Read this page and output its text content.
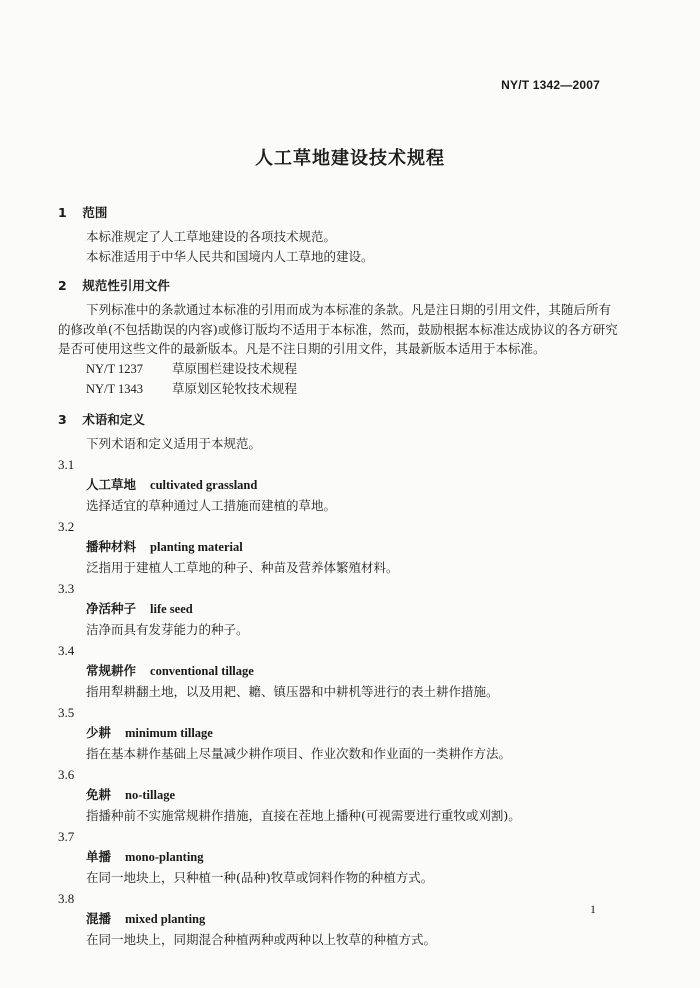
NY/T 1342—2007
人工草地建设技术规程
1 范围
本标准规定了人工草地建设的各项技术规范。
本标准适用于中华人民共和国境内人工草地的建设。
2 规范性引用文件
下列标准中的条款通过本标准的引用而成为本标准的条款。凡是注日期的引用文件，其随后所有的修改单(不包括勘误的内容)或修订版均不适用于本标准，然而，鼓励根据本标准达成协议的各方研究是否可使用这些文件的最新版本。凡是不注日期的引用文件，其最新版本适用于本标准。
NY/T 1237 草原围栏建设技术规程
NY/T 1343 草原划区轮牧技术规程
3 术语和定义
下列术语和定义适用于本规范。
3.1
人工草地 cultivated grassland
选择适宜的草种通过人工措施而建植的草地。
3.2
播种材料 planting material
泛指用于建植人工草地的种子、种苗及营养体繁殖材料。
3.3
净活种子 life seed
洁净而具有发芽能力的种子。
3.4
常规耕作 conventional tillage
指用犁耕翻土地，以及用耙、耱、镇压器和中耕机等进行的表土耕作措施。
3.5
少耕 minimum tillage
指在基本耕作基础上尽量减少耕作项目、作业次数和作业面的一类耕作方法。
3.6
免耕 no-tillage
指播种前不实施常规耕作措施，直接在茬地上播种(可视需要进行重牧或刈割)。
3.7
单播 mono-planting
在同一地块上，只种植一种(品种)牧草或饲料作物的种植方式。
3.8
混播 mixed planting
在同一地块上，同期混合种植两种或两种以上牧草的种植方式。
1
